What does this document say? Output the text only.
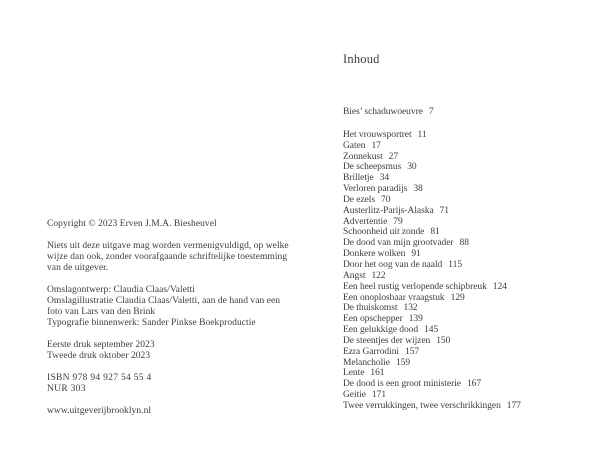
Copyright © 2023 Erven J.M.A. Biesheuvel
Niets uit deze uitgave mag worden vermenigvuldigd, op welke
wijze dan ook, zonder voorafgaande schriftelijke toestemming
van de uitgever.
Omslagontwerp: Claudia Claas/Valetti
Omslagillustratie Claudia Claas/Valetti, aan de hand van een
foto van Lars van den Brink
Typografie binnenwerk: Sander Pinkse Boekproductie
Eerste druk september 2023
Tweede druk oktober 2023
ISBN 978 94 927 54 55 4
NUR 303
www.uitgeverijbrooklyn.nl
Inhoud
Bies’ schaduwoeuvre 7
Het vrouwsportret 11
Gaten 17
Zonnekust 27
De scheepsmus 30
Brilletje 34
Verloren paradijs 38
De ezels 70
Austerlitz-Parijs-Alaska 71
Advertentie 79
Schoonheid uit zonde 81
De dood van mijn grootvader 88
Donkere wolken 91
Door het oog van de naald 115
Angst 122
Een heel rustig verlopende schipbreuk 124
Een onoplosbaar vraagstuk 129
De thuiskomst 132
Een opschepper 139
Een gelukkige dood 145
De steentjes der wijzen 150
Ezra Garrodini 157
Melancholie 159
Lente 161
De dood is een groot ministerie 167
Geitie 171
Twee verrukkingen, twee verschrikkingen 177
